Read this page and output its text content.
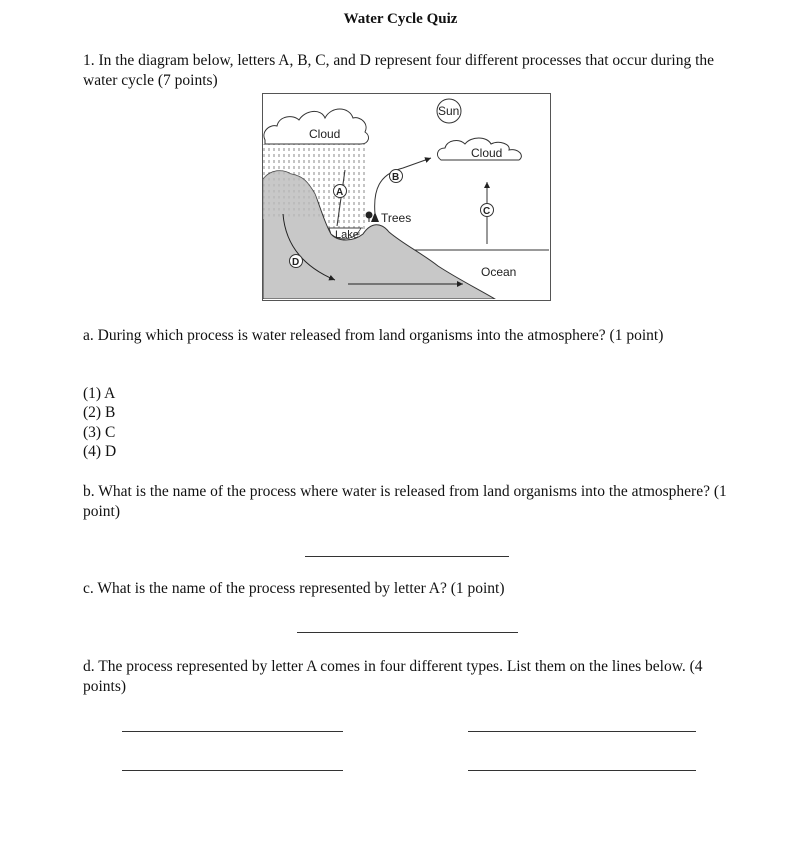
Water Cycle Quiz
1. In the diagram below, letters A, B, C, and D represent four different processes that occur during the water cycle (7 points)
Cloud
Sun
Cloud
Trees
Lake
Ocean
A
B
C
D
a. During which process is water released from land organisms into the atmosphere? (1 point)
(1) A
(2) B
(3) C
(4) D
b. What is the name of the process where water is released from land organisms into the atmosphere? (1 point)
c. What is the name of the process represented by letter A? (1 point)
d. The process represented by letter A comes in four different types. List them on the lines below. (4 points)
